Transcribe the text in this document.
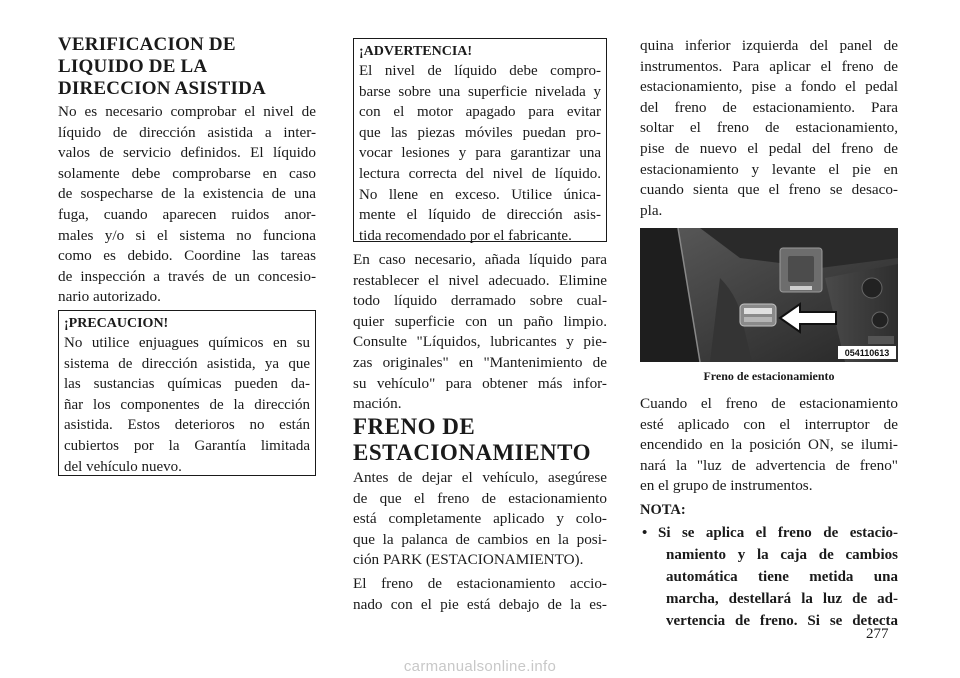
VERIFICACION DE
LIQUIDO DE LA
DIRECCION ASISTIDA
No es necesario comprobar el nivel de
líquido de dirección asistida a inter-
valos de servicio definidos. El líquido
solamente debe comprobarse en caso
de sospecharse de la existencia de una
fuga, cuando aparecen ruidos anor-
males y/o si el sistema no funciona
como es debido. Coordine las tareas
de inspección a través de un concesio-
nario autorizado.
¡PRECAUCION!
No utilice enjuagues químicos en su
sistema de dirección asistida, ya que
las sustancias químicas pueden da-
ñar los componentes de la dirección
asistida. Estos deterioros no están
cubiertos por la Garantía limitada
del vehículo nuevo.
¡ADVERTENCIA!
El nivel de líquido debe compro-
barse sobre una superficie nivelada y
con el motor apagado para evitar
que las piezas móviles puedan pro-
vocar lesiones y para garantizar una
lectura correcta del nivel de líquido.
No llene en exceso. Utilice única-
mente el líquido de dirección asis-
tida recomendado por el fabricante.
En caso necesario, añada líquido para
restablecer el nivel adecuado. Elimine
todo líquido derramado sobre cual-
quier superficie con un paño limpio.
Consulte "Líquidos, lubricantes y pie-
zas originales" en "Mantenimiento de
su vehículo" para obtener más infor-
mación.
FRENO DE
ESTACIONAMIENTO
Antes de dejar el vehículo, asegúrese
de que el freno de estacionamiento
está completamente aplicado y colo-
que la palanca de cambios en la posi-
ción PARK (ESTACIONAMIENTO).
El freno de estacionamiento accio-
nado con el pie está debajo de la es-
quina inferior izquierda del panel de
instrumentos. Para aplicar el freno de
estacionamiento, pise a fondo el pedal
del freno de estacionamiento. Para
soltar el freno de estacionamiento,
pise de nuevo el pedal del freno de
estacionamiento y levante el pie en
cuando sienta que el freno se desaco-
pla.
054110613
Freno de estacionamiento
Cuando el freno de estacionamiento
esté aplicado con el interruptor de
encendido en la posición ON, se ilumi-
nará la "luz de advertencia de freno"
en el grupo de instrumentos.
NOTA:
• Si se aplica el freno de estacio-
namiento y la caja de cambios
automática tiene metida una
marcha, destellará la luz de ad-
vertencia de freno. Si se detecta
277
carmanualsonline.info
